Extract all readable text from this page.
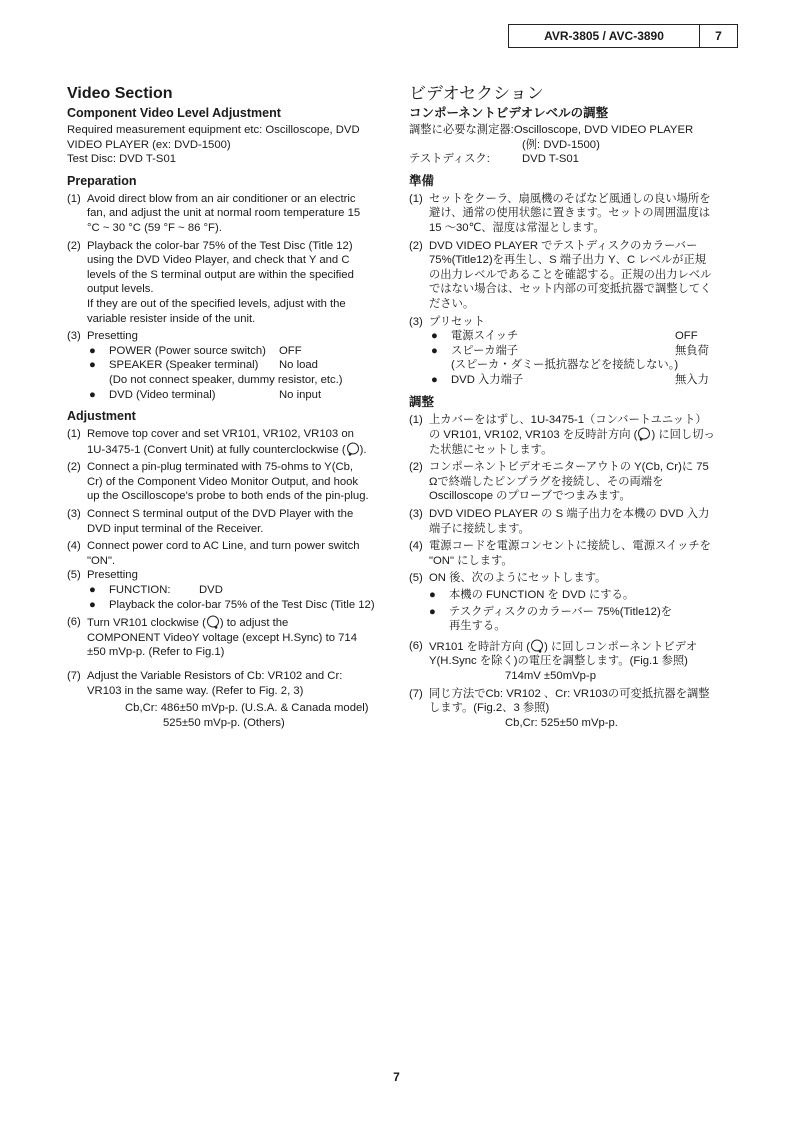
AVR-3805 / AVC-3890	7
Video Section
Component Video Level Adjustment
Required measurement equipment etc: Oscilloscope, DVD
VIDEO PLAYER (ex: DVD-1500)
Test Disc: DVD T-S01
Preparation
(1) Avoid direct blow from an air conditioner or an electric
fan, and adjust the unit at normal room temperature 15
°C ~ 30 °C (59 °F ~ 86 °F).
(2) Playback the color-bar 75% of the Test Disc (Title 12)
using the DVD Video Player, and check that Y and C
levels of the S terminal output are within the specified
output levels.
If they are out of the specified levels, adjust with the
variable resister inside of the unit.
(3) Presetting
●	POWER (Power source switch)	OFF
●	SPEAKER (Speaker terminal)	No load
(Do not connect speaker, dummy resistor, etc.)
●	DVD (Video terminal)	No input
Adjustment
(1) Remove top cover and set VR101, VR102, VR103 on
1U-3475-1 (Convert Unit) at fully counterclockwise ( ).
(2) Connect a pin-plug terminated with 75-ohms to Y(Cb,
Cr) of the Component Video Monitor Output, and hook
up the Oscilloscope's probe to both ends of the pin-plug.
(3) Connect S terminal output of the DVD Player with the
DVD input terminal of the Receiver.
(4) Connect power cord to AC Line, and turn power switch
"ON".
(5) Presetting
●	FUNCTION:	DVD
●	Playback the color-bar 75% of the Test Disc (Title 12)
(6) Turn VR101 clockwise ( ) to adjust the
COMPONENT VideoY voltage (except H.Sync) to 714
±50 mVp-p. (Refer to Fig.1)
(7) Adjust the Variable Resistors of Cb: VR102 and Cr:
VR103 in the same way. (Refer to Fig. 2, 3)
Cb,Cr: 486±50 mVp-p. (U.S.A. & Canada model)
525±50 mVp-p. (Others)
ビデオセクション
コンポーネントビデオレベルの調整
調整に必要な測定器: Oscilloscope, DVD VIDEO PLAYER
(例: DVD-1500)
テストディスク:	DVD T-S01
準備
(1) セットをクーラ、扇風機のそばなど風通しの良い場所を
避け、通常の使用状態に置きます。セットの周囲温度は
15 ～30℃、湿度は常湿とします。
(2) DVD VIDEO PLAYER でテストディスクのカラーバー
75%(Title12)を再生し、S 端子出力 Y、C レベルが正規
の出力レベルであることを確認する。正規の出力レベル
ではない場合は、セット内部の可変抵抗器で調整してく
ださい。
(3) プリセット
●	電源スイッチ	OFF
●	スピーカ端子	無負荷
(スピーカ・ダミー抵抗器などを接続しない。)
●	DVD 入力端子	無入力
調整
(1) 上カバーをはずし、1U-3475-1（コンバートユニット）
の VR101, VR102, VR103 を反時計方向 ( ) に回し切っ
た状態にセットします。
(2) コンポーネントビデオモニターアウトの Y(Cb, Cr)に 75
Ωで終端したピンプラグを接続し、その両端を
Oscilloscope のプローブでつまみます。
(3) DVD VIDEO PLAYER の S 端子出力を本機の DVD 入力
端子に接続します。
(4) 電源コードを電源コンセントに接続し、電源スイッチを
"ON" にします。
(5) ON 後、次のようにセットします。
●	本機の FUNCTION を DVD にする。
●	テスクディスクのカラーバー 75%(Title12)を
再生する。
(6) VR101 を時計方向 ( ) に回しコンポーネントビデオ
Y(H.Sync を除く)の電圧を調整します。(Fig.1 参照)
714mV ±50mVp-p
(7) 同じ方法でCb: VR102 、Cr: VR103の可変抵抗器を調整
します。(Fig.2、3 参照)
Cb,Cr: 525±50 mVp-p.
7
